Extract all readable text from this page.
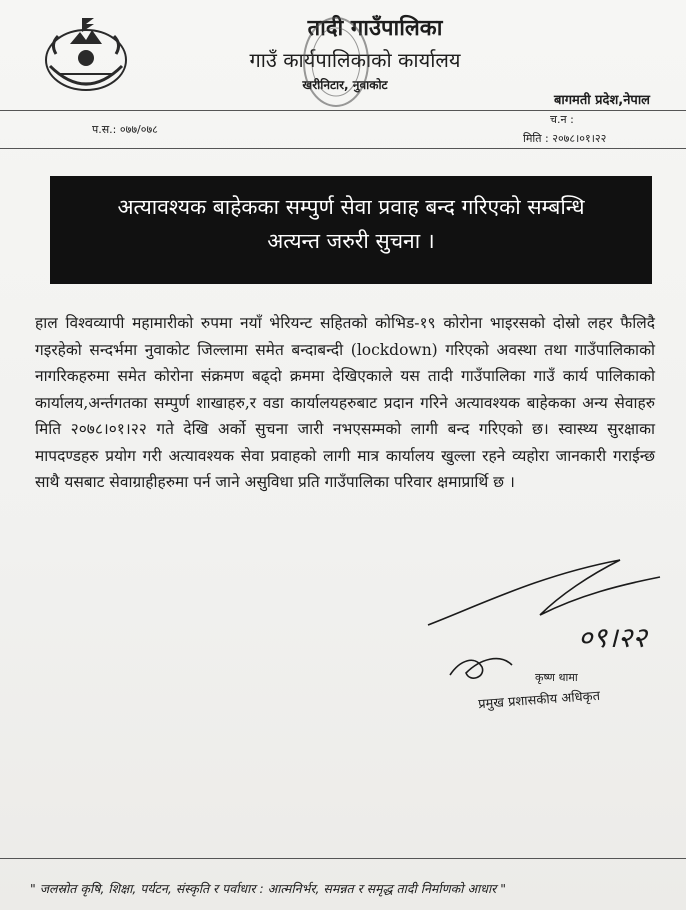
तादी गाउँपालिका
गाउँ कार्यपालिकाको कार्यालय
खरीनिटार, नुवाकोट
बागमती प्रदेश,नेपाल
प.स.: ०७७/०७८
च.न :
मिति : २०७८।०१।२२
अत्यावश्यक बाहेकका सम्पुर्ण सेवा प्रवाह बन्द गरिएको सम्बन्धि
अत्यन्त जरुरी सुचना ।
हाल विश्वव्यापी महामारीको रुपमा नयाँ भेरियन्ट सहितको कोभिड-१९ कोरोना भाइरसको दोस्रो लहर फैलिदै गइरहेको सन्दर्भमा नुवाकोट जिल्लामा समेत बन्दाबन्दी (lockdown) गरिएको अवस्था तथा गाउँपालिकाको नागरिकहरुमा समेत कोरोना संक्रमण बढ्दो क्रममा देखिएकाले यस तादी गाउँपालिका गाउँ कार्य पालिकाको कार्यालय,अर्न्तगतका सम्पुर्ण शाखाहरु,र वडा कार्यालयहरुबाट प्रदान गरिने अत्यावश्यक बाहेकका अन्य सेवाहरु मिति २०७८।०१।२२ गते देखि अर्को सुचना जारी नभएसम्मको लागी बन्द गरिएको छ। स्वास्थ्य सुरक्षाका मापदण्डहरु प्रयोग गरी अत्यावश्यक सेवा प्रवाहको लागी मात्र कार्यालय खुल्ला रहने व्यहोरा जानकारी गराईन्छ साथै यसबाट सेवाग्राहीहरुमा पर्न जाने असुविधा प्रति गाउँपालिका परिवार क्षमाप्रार्थि छ ।
०९।२२
कृष्ण थामा
प्रमुख प्रशासकीय अधिकृत
" जलस्रोत कृषि, शिक्षा, पर्यटन, संस्कृति र पर्वाधार : आत्मनिर्भर, समन्नत र समृद्ध तादी निर्माणको आधार "
